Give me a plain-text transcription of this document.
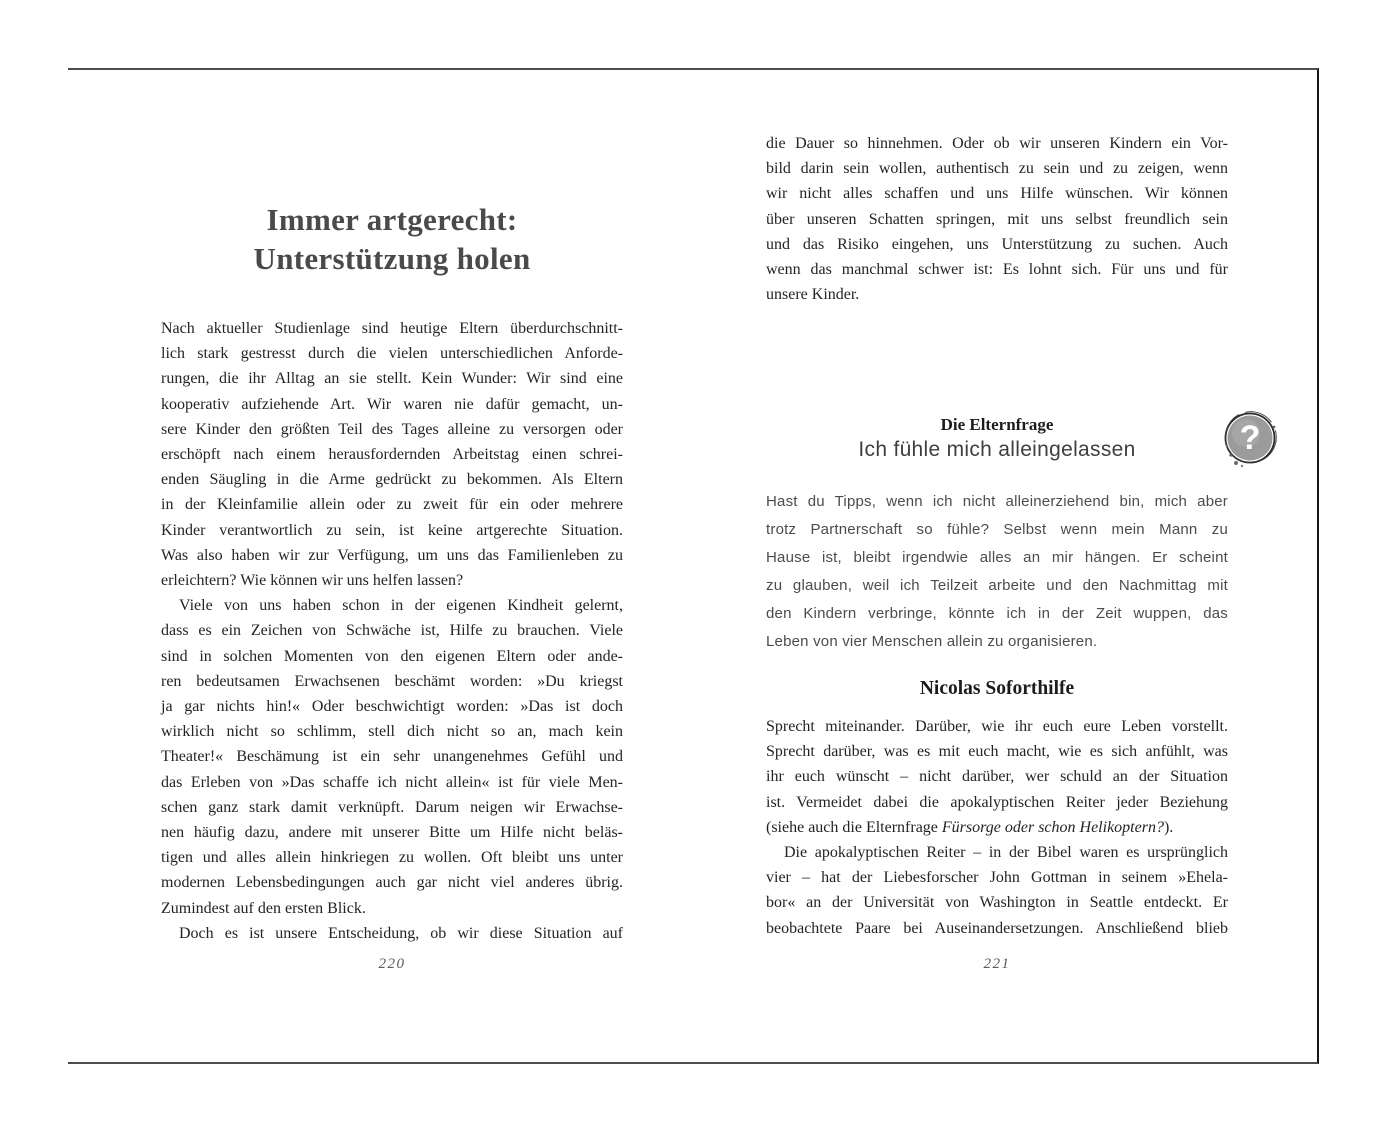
Immer artgerecht:
Unterstützung holen
Nach aktueller Studienlage sind heutige Eltern überdurchschnitt-
lich stark gestresst durch die vielen unterschiedlichen Anforde-
rungen, die ihr Alltag an sie stellt. Kein Wunder: Wir sind eine
kooperativ aufziehende Art. Wir waren nie dafür gemacht, un-
sere Kinder den größten Teil des Tages alleine zu versorgen oder
erschöpft nach einem herausfordernden Arbeitstag einen schrei-
enden Säugling in die Arme gedrückt zu bekommen. Als Eltern
in der Kleinfamilie allein oder zu zweit für ein oder mehrere
Kinder verantwortlich zu sein, ist keine artgerechte Situation.
Was also haben wir zur Verfügung, um uns das Familienleben zu
erleichtern? Wie können wir uns helfen lassen?
Viele von uns haben schon in der eigenen Kindheit gelernt,
dass es ein Zeichen von Schwäche ist, Hilfe zu brauchen. Viele
sind in solchen Momenten von den eigenen Eltern oder ande-
ren bedeutsamen Erwachsenen beschämt worden: »Du kriegst
ja gar nichts hin!« Oder beschwichtigt worden: »Das ist doch
wirklich nicht so schlimm, stell dich nicht so an, mach kein
Theater!« Beschämung ist ein sehr unangenehmes Gefühl und
das Erleben von »Das schaffe ich nicht allein« ist für viele Men-
schen ganz stark damit verknüpft. Darum neigen wir Erwachse-
nen häufig dazu, andere mit unserer Bitte um Hilfe nicht beläs-
tigen und alles allein hinkriegen zu wollen. Oft bleibt uns unter
modernen Lebensbedingungen auch gar nicht viel anderes übrig.
Zumindest auf den ersten Blick.
Doch es ist unsere Entscheidung, ob wir diese Situation auf
220
die Dauer so hinnehmen. Oder ob wir unseren Kindern ein Vor-
bild darin sein wollen, authentisch zu sein und zu zeigen, wenn
wir nicht alles schaffen und uns Hilfe wünschen. Wir können
über unseren Schatten springen, mit uns selbst freundlich sein
und das Risiko eingehen, uns Unterstützung zu suchen. Auch
wenn das manchmal schwer ist: Es lohnt sich. Für uns und für
unsere Kinder.
Die Elternfrage
Ich fühle mich alleingelassen	?
Hast du Tipps, wenn ich nicht alleinerziehend bin, mich aber
trotz Partnerschaft so fühle? Selbst wenn mein Mann zu
Hause ist, bleibt irgendwie alles an mir hängen. Er scheint
zu glauben, weil ich Teilzeit arbeite und den Nachmittag mit
den Kindern verbringe, könnte ich in der Zeit wuppen, das
Leben von vier Menschen allein zu organisieren.
Nicolas Soforthilfe
Sprecht miteinander. Darüber, wie ihr euch eure Leben vorstellt.
Sprecht darüber, was es mit euch macht, wie es sich anfühlt, was
ihr euch wünscht – nicht darüber, wer schuld an der Situation
ist. Vermeidet dabei die apokalyptischen Reiter jeder Beziehung
(siehe auch die Elternfrage Fürsorge oder schon Helikoptern?).
Die apokalyptischen Reiter – in der Bibel waren es ursprünglich
vier – hat der Liebesforscher John Gottman in seinem »Ehela-
bor« an der Universität von Washington in Seattle entdeckt. Er
beobachtete Paare bei Auseinandersetzungen. Anschließend blieb
221
